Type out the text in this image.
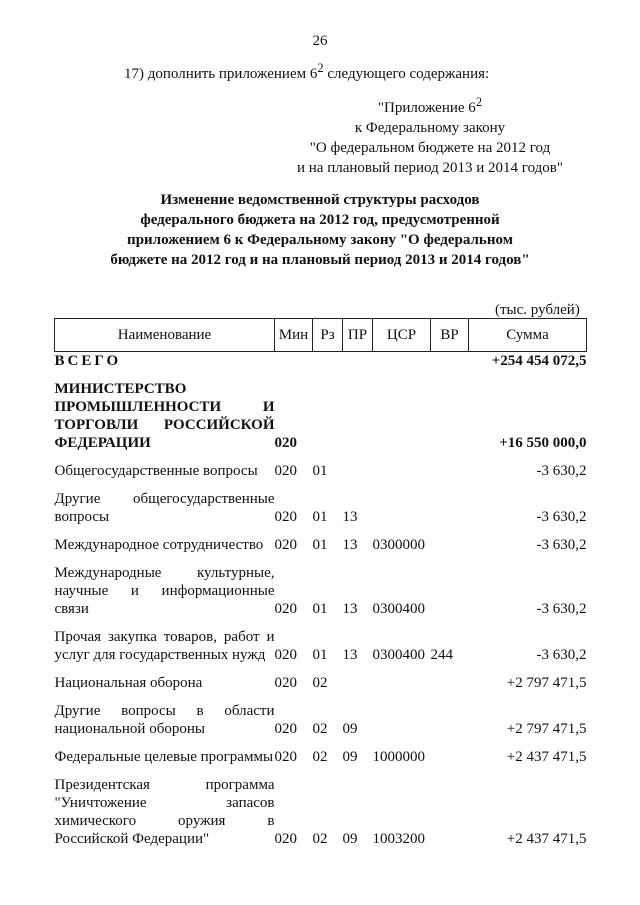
26
17) дополнить приложением $6^2$ следующего содержания:
"Приложение $6^2$
к Федеральному закону
"О федеральном бюджете на 2012 год
и на плановый период 2013 и 2014 годов"
Изменение ведомственной структуры расходов
федерального бюджета на 2012 год, предусмотренной
приложением 6 к Федеральному закону "О федеральном
бюджете на 2012 год и на плановый период 2013 и 2014 годов"
(тыс. рублей)
Наименование	Мин	Рз	ПР	ЦСР	ВР	Сумма
ВСЕГО						+254 454 072,5

МИНИСТЕРСТВО ПРОМЫШЛЕННОСТИ И ТОРГОВЛИ РОССИЙСКОЙ ФЕДЕРАЦИИ	020					+16 550 000,0

Общегосударственные вопросы	020	01				-3 630,2

Другие общегосударственные вопросы	020	01	13			-3 630,2

Международное сотрудничество	020	01	13	0300000		-3 630,2

Международные культурные, научные и информационные связи	020	01	13	0300400		-3 630,2

Прочая закупка товаров, работ и услуг для государственных нужд	020	01	13	0300400	244	-3 630,2

Национальная оборона	020	02				+2 797 471,5

Другие вопросы в области национальной обороны	020	02	09			+2 797 471,5

Федеральные целевые программы	020	02	09	1000000		+2 437 471,5

Президентская программа "Уничтожение запасов химического оружия в Российской Федерации"	020	02	09	1003200		+2 437 471,5
